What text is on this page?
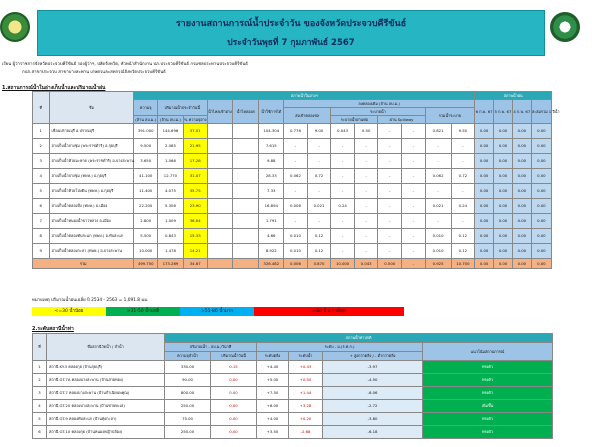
รายงานสถานการณ์น้ำประจำวัน ของจังหวัดประจวบคีรีขันธ์
ประจำวันพุธที่ 7 กุมภาพันธ์ 2567
เรียน ผู้ว่าราชการจังหวัดประจวบคีรีขันธ์ รองผู้ว่าฯ, ปลัดจังหวัด, หัวหน้าสำนักงาน ปภ.ประจวบคีรีขันธ์ กรมชลประทานประจวบคีรีขันธ์
กปภ.สาขาประจวบ สาขาบางสะพาน เกษตรและสหกรณ์จังหวัดประจวบคีรีขันธ์
1.สถานการณ์น้ำในอ่างเก็บน้ำและปริมาณน้ำฝน
ที่	ชื่อ	สภาพน้ำในอ่างฯ														สภาพน้ำฝน			
		ความจุ	ปริมาณน้ำประจำวันนี้		น้ำไหลเข้าอ่าง	น้ำไหลออก	น้ำใช้การได้	ลงคลองเดิม (ล้าน ลบ.ม.)								6 ก.พ. 67	5 ก.พ. 67	4 ก.พ. 67	สะสมรวม 1 ปีน้ำ
								ส่งเข้าคลองชล		ระบายน้ำ				รวมน้ำระบาย					
		(ล้าน ลบ.ม.)	(ล้าน ลบ.ม.)	% ความจุอ่าง						ระบายน้ำผ่านท่อ		ผ่าน Spillway							
1	เขื่อนปราณบุรี อ.ปราณบุรี	391.000	144.696	37.01			104.304	0.776	9.00	0.043	0.50	-	-	0.821	9.50	0.00	0.00	0.00	0.00
2	อ่างเก็บน้ำยางชุม (พระราชดำริ) อ.กุยบุรี	9.500	2.085	21.95			7.615	-	-	-	-	-	-	-	-	0.00	0.00	0.00	0.00
3	อ่างเก็บน้ำห้วยมะหาด (พระราชดำริ) อ.บางสะพาน	3.650	1.066	17.28			9.88	-	-	-	-	-	-	-	-	0.00	0.00	0.00	0.00
4	อ่างเก็บน้ำยางชุม (ทพษ.) อ.กุยบุรี	41.100	12.770	31.07			28.33	0.062	0.72	-	-	-	-	0.062	0.72	0.00	0.00	0.00	0.00
5	อ่างเก็บน้ำห้วยโป่งดิน (ทพษ.) อ.กุยบุรี	11.400	4.075	35.75			7.33	-	-	-	-	-	-	-	-	0.00	0.00	0.00	0.00
6	อ่างเก็บน้ำคลองบึง (ทพษ.) อ.เมือง	22.200	5.306	23.90			16.894	0.006	0.021	0.24	-	-	-	0.021	0.24	0.00	0.00	0.00	0.00
7	อ่างเก็บน้ำหนองน้ำขาวหลวง อ.เมือง	2.800	1.009	36.04			1.791	-	-	-	-	-	-	-	-	0.00	0.00	0.00	0.00
8	อ่างเก็บน้ำคลองทับสะแก (ทพษ.) อ.ทับสะแก	5.500	0.843	15.33			4.66	0.010	0.12	-	-	-	-	0.010	0.12	0.00	0.00	0.00	0.00
9	อ่างเก็บน้ำคลองกะลา (ทพษ.) อ.บางสะพาน	10.000	1.478	14.21			8.922	0.010	0.12	-	-	-	-	0.010	0.12	0.00	0.00	0.00	0.00
รวม		499.750	173.269	34.67			326.482	0.006	0.870	10.000	0.043	0.500	-	0.925	10.700	0.00	0.00	0.00	0.00
หมายเหตุ ปริมาณน้ำฝนเฉลี่ย ปี 2534 - 2563 = 1,091.8 มม.
<=30 น้ำน้อย	>31-50 น้ำปกติ	>51-80 น้ำมาก	>80 น้ำมากที่สุด
2.ระดับสถานีน้ำท่า
ที่	ชื่อสถานีวัดน้ำ / ลำน้ำ	สภาพน้ำท่าปกติ					
		ปริมาณน้ำ - ลบ.ม./วินาที		ระดับ - ม.(ร.ท.ก.)			แนวโน้มสถานการณ์
		ความจุลำน้ำ	ปริมาณน้ำวันนี้	ระดับตลิ่ง	ระดับน้ำ	+ สูงกว่าตลิ่ง / - ต่ำกว่าตลิ่ง	
1	สถานี KY.3 คลองกุย (บ้านกุยบุรี)	330.00	0.15	+4.40	+0.43	-3.97	ทรงตัว
2	สถานี GT.7A คลองบางสะพาน (บ้านสายทอง)	90.00	0.00	+5.00	+0.50	-4.50	ทรงตัว
3	สถานี GT.7 คลองบางสะพาน (บ้านกำเนิดนพคุณ)	800.00	0.00	+7.50	+1.44	-6.06	ทรงตัว
4	สถานี GT.20 คลองบางสะพาน (บ้านชายทะเล)	250.00	0.00	+6.00	+3.28	-2.72	เพิ่มขึ้น
5	สถานี GT.9 คลองทับสะแก (บ้านทุ่งกะลา)	75.00	0.00	+4.00	+0.20	-3.80	ทรงตัว
6	สถานี GT.10 คลองกุย (บ้านหนองหญ้าปล้อง)	250.00	0.00	+3.50	-2.68	-6.18	ทรงตัว
